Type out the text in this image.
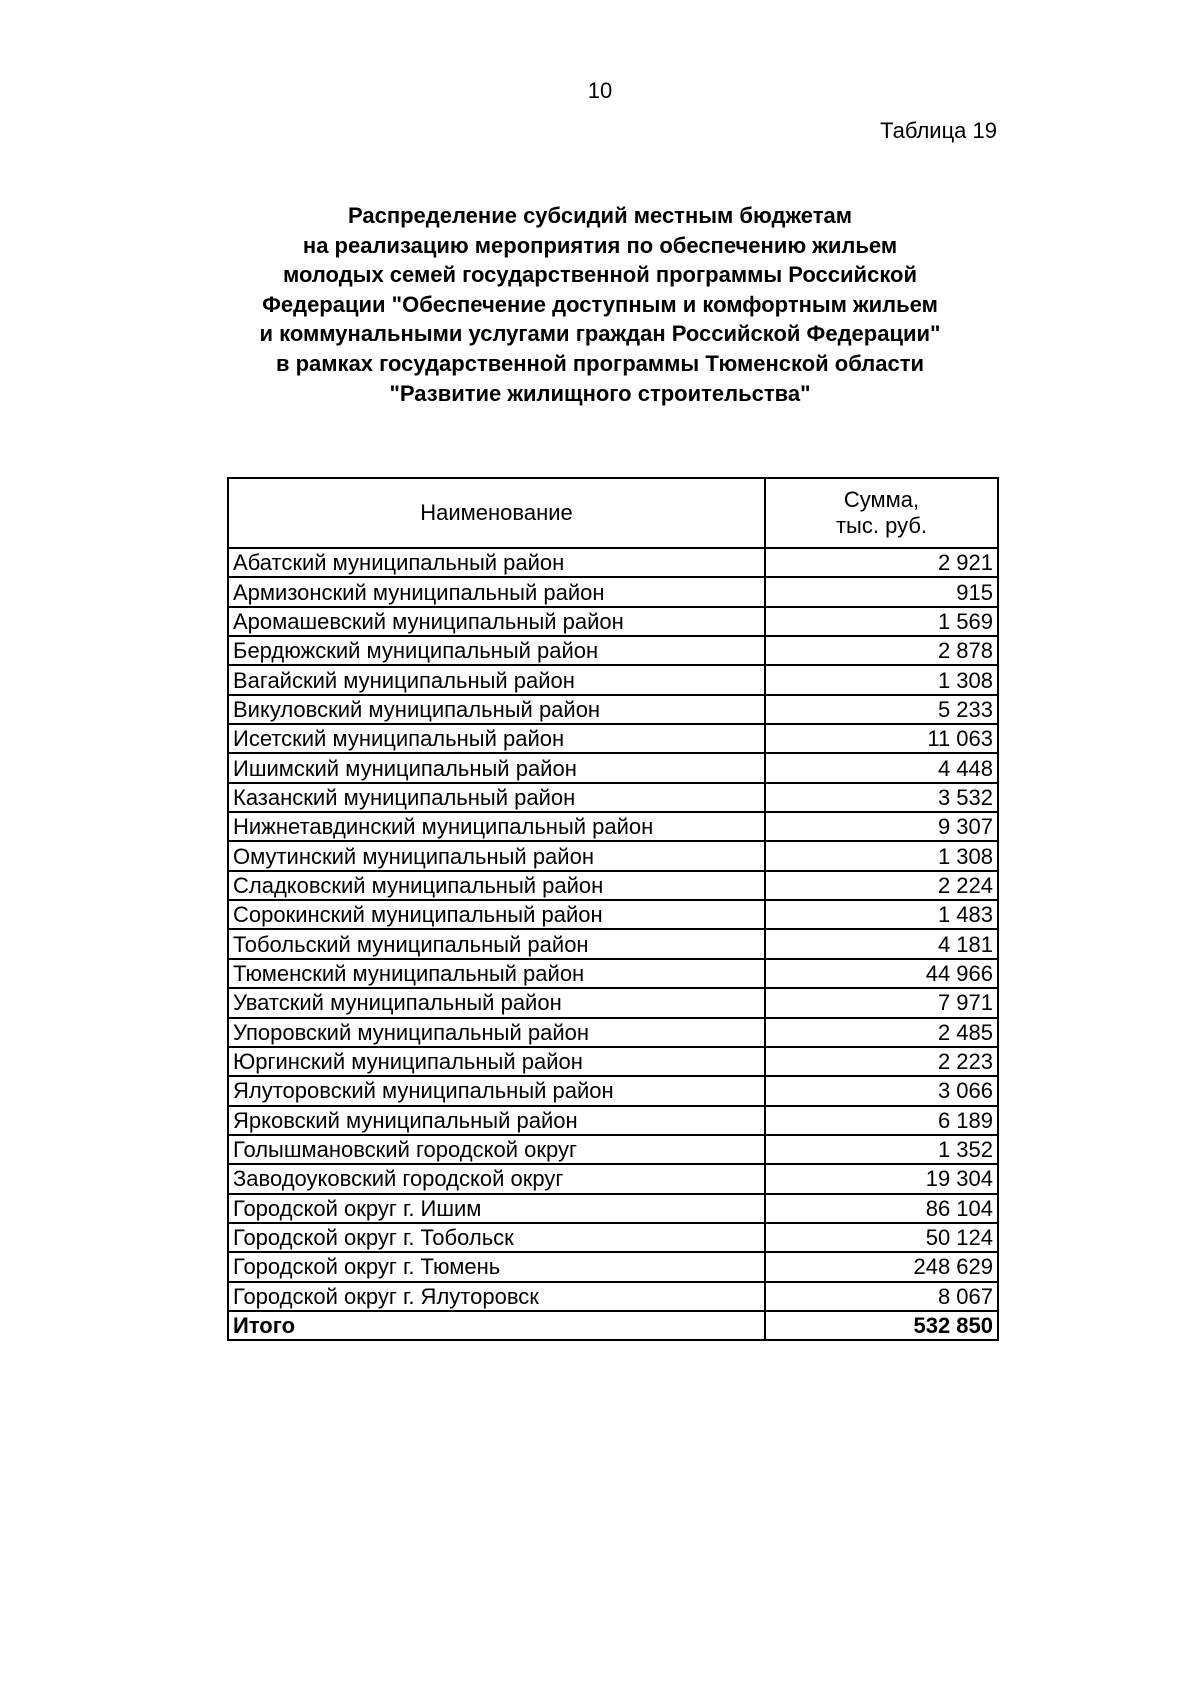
10
Таблица 19
Распределение субсидий местным бюджетам
на реализацию мероприятия по обеспечению жильем
молодых семей государственной программы Российской
Федерации "Обеспечение доступным и комфортным жильем
и коммунальными услугами граждан Российской Федерации"
в рамках государственной программы Тюменской области
"Развитие жилищного строительства"
Наименование	Сумма,
тыс. руб.

Абатский муниципальный район	2 921
Армизонский муниципальный район	915
Аромашевский муниципальный район	1 569
Бердюжский муниципальный район	2 878
Вагайский муниципальный район	1 308
Викуловский муниципальный район	5 233
Исетский муниципальный район	11 063
Ишимский муниципальный район	4 448
Казанский муниципальный район	3 532
Нижнетавдинский муниципальный район	9 307
Омутинский муниципальный район	1 308
Сладковский муниципальный район	2 224
Сорокинский муниципальный район	1 483
Тобольский муниципальный район	4 181
Тюменский муниципальный район	44 966
Уватский муниципальный район	7 971
Упоровский муниципальный район	2 485
Юргинский муниципальный район	2 223
Ялуторовский муниципальный район	3 066
Ярковский муниципальный район	6 189
Голышмановский городской округ	1 352
Заводоуковский городской округ	19 304
Городской округ г. Ишим	86 104
Городской округ г. Тобольск	50 124
Городской округ г. Тюмень	248 629
Городской округ г. Ялуторовск	8 067
Итого	532 850
